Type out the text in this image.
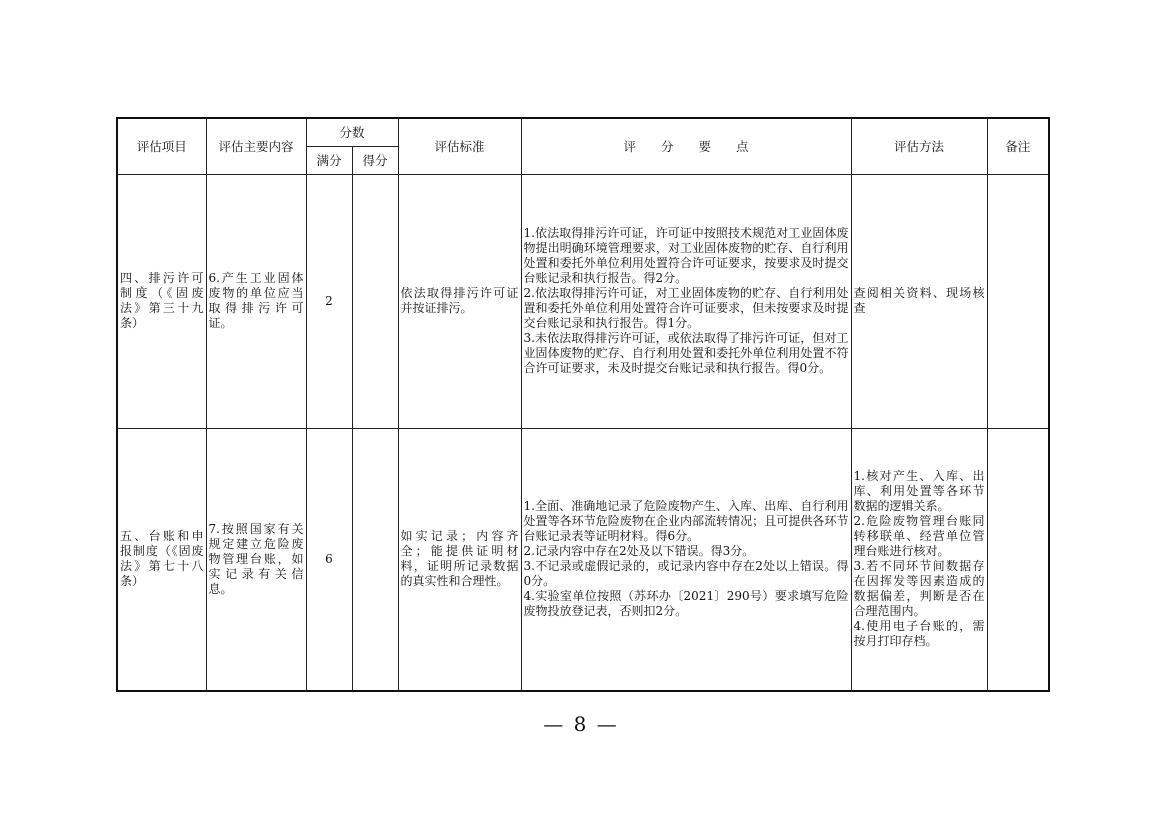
评估项目	评估主要内容	分数		评估标准	评　　分　　要　　点	评估方法	备注
		满分	得分				
四、排污许可制度（《固废法》第三十九条）	6.产生工业固体废物的单位应当取得排污许可证。	2		依法取得排污许可证并按证排污。	1.依法取得排污许可证，许可证中按照技术规范对工业固体废物提出明确环境管理要求，对工业固体废物的贮存、自行利用处置和委托外单位利用处置符合许可证要求，按要求及时提交台账记录和执行报告。得2分。
2.依法取得排污许可证，对工业固体废物的贮存、自行利用处置和委托外单位利用处置符合许可证要求，但未按要求及时提交台账记录和执行报告。得1分。
3.未依法取得排污许可证，或依法取得了排污许可证，但对工业固体废物的贮存、自行利用处置和委托外单位利用处置不符合许可证要求，未及时提交台账记录和执行报告。得0分。	查阅相关资料、现场核查	

五、台账和申报制度（《固废法》第七十八条）	7.按照国家有关规定建立危险废物管理台账，如实记录有关信息。	6		如实记录；内容齐全；能提供证明材料，证明所记录数据的真实性和合理性。	1.全面、准确地记录了危险废物产生、入库、出库、自行利用处置等各环节危险废物在企业内部流转情况；且可提供各环节台账记录表等证明材料。得6分。
2.记录内容中存在2处及以下错误。得3分。
3.不记录或虚假记录的，或记录内容中存在2处以上错误。得0分。
4.实验室单位按照（苏环办〔2021〕290号）要求填写危险废物投放登记表，否则扣2分。	1.核对产生、入库、出库、利用处置等各环节数据的逻辑关系。
2.危险废物管理台账同转移联单、经营单位管理台账进行核对。
3.若不同环节间数据存在因挥发等因素造成的数据偏差，判断是否在合理范围内。
4.使用电子台账的，需按月打印存档。	

— 8 —
